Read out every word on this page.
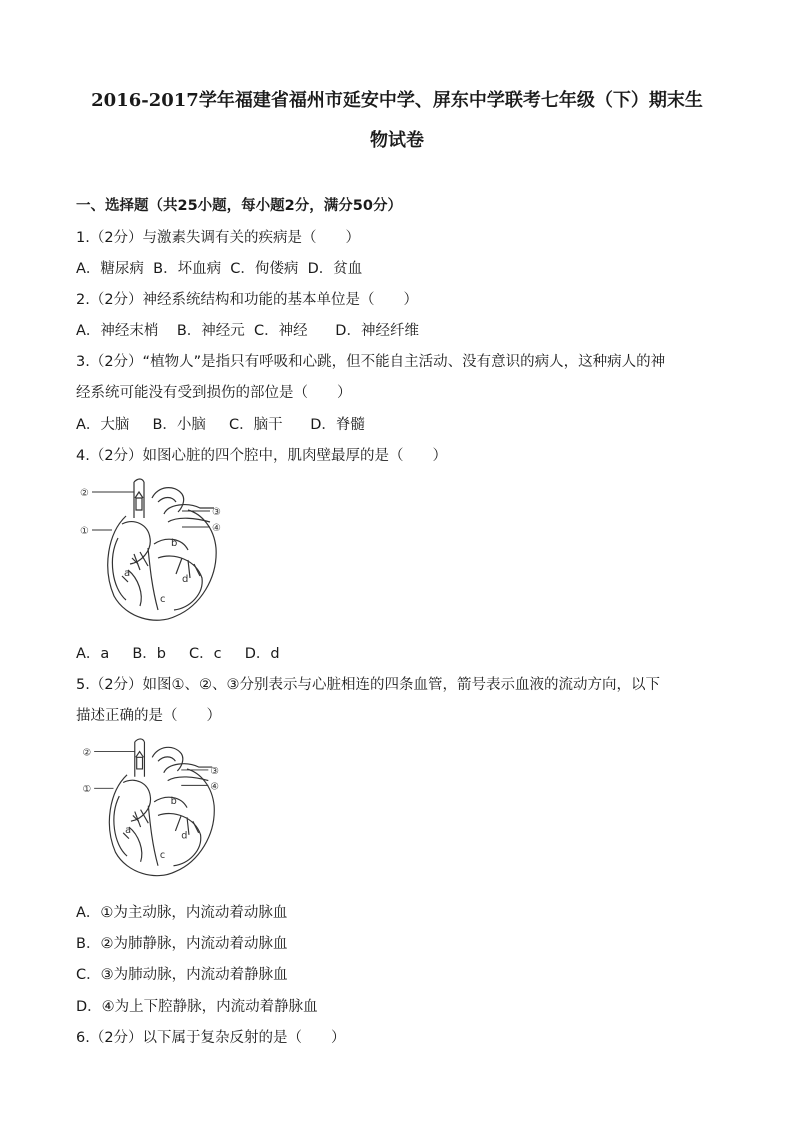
2016-2017学年福建省福州市延安中学、屏东中学联考七年级（下）期末生
物试卷
一、选择题（共25小题，每小题2分，满分50分）
1.（2分）与激素失调有关的疾病是（　　）
A．糖尿病  B．坏血病  C．佝偻病  D．贫血
2.（2分）神经系统结构和功能的基本单位是（　　）
A．神经末梢    B．神经元  C．神经      D．神经纤维
3.（2分）“植物人”是指只有呼吸和心跳，但不能自主活动、没有意识的病人，这种病人的神
经系统可能没有受到损伤的部位是（　　）
A．大脑     B．小脑     C．脑干      D．脊髓
4.（2分）如图心脏的四个腔中，肌肉壁最厚的是（　　）
②
①
③
④
a
b
c
d
A．a     B．b     C．c     D．d
5.（2分）如图①、②、③分别表示与心脏相连的四条血管，箭号表示血液的流动方向，以下
描述正确的是（　　）
②
①
③
④
a
b
c
d
A．①为主动脉，内流动着动脉血
B．②为肺静脉，内流动着动脉血
C．③为肺动脉，内流动着静脉血
D．④为上下腔静脉，内流动着静脉血
6.（2分）以下属于复杂反射的是（　　）
